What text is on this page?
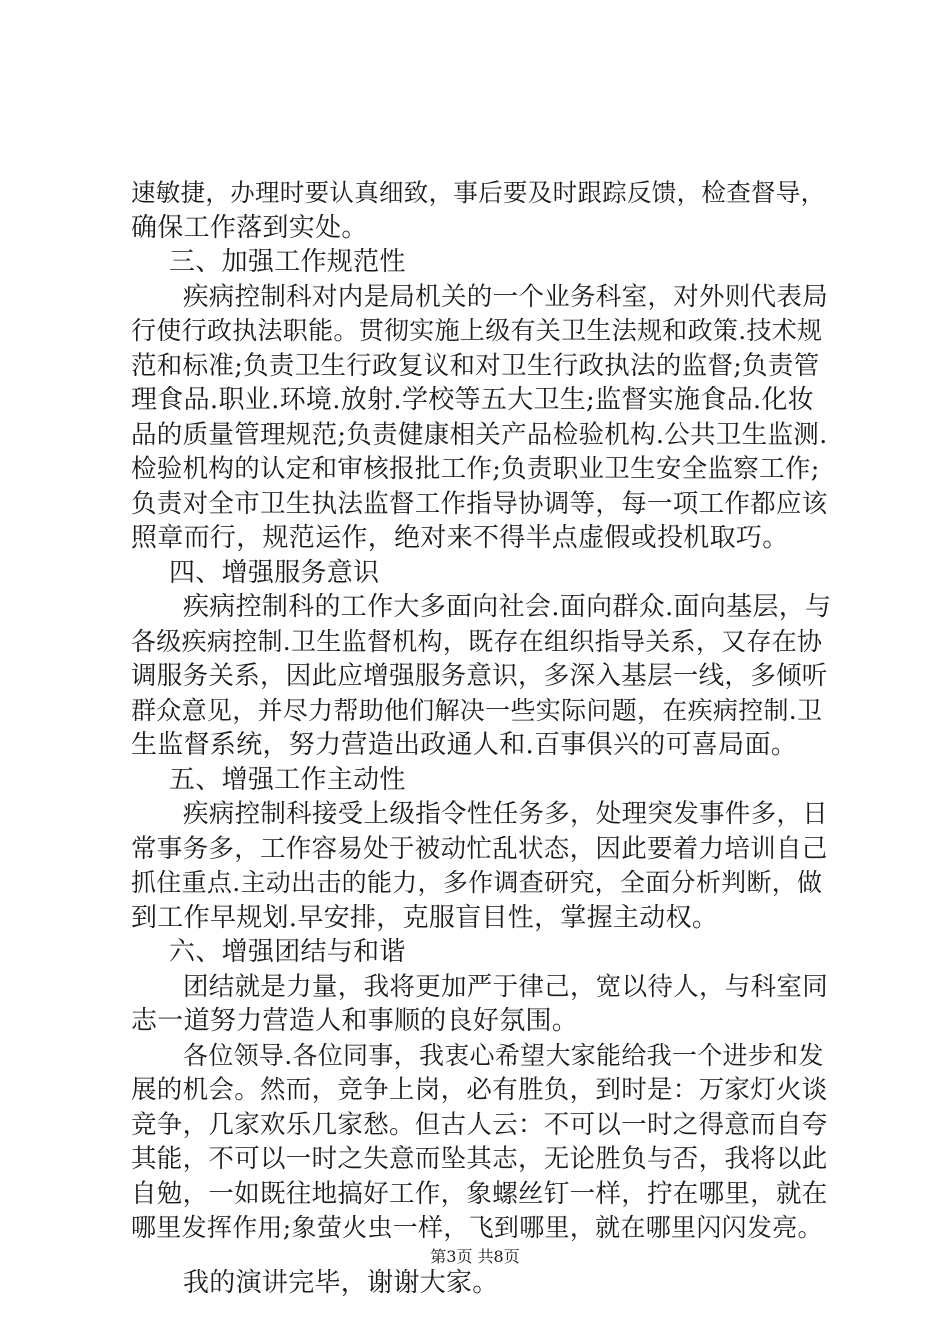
速敏捷，办理时要认真细致，事后要及时跟踪反馈，检查督导，
确保工作落到实处。
三、加强工作规范性
疾病控制科对内是局机关的一个业务科室，对外则代表局
行使行政执法职能。贯彻实施上级有关卫生法规和政策.技术规
范和标准;负责卫生行政复议和对卫生行政执法的监督;负责管
理食品.职业.环境.放射.学校等五大卫生;监督实施食品.化妆
品的质量管理规范;负责健康相关产品检验机构.公共卫生监测.
检验机构的认定和审核报批工作;负责职业卫生安全监察工作;
负责对全市卫生执法监督工作指导协调等，每一项工作都应该
照章而行，规范运作，绝对来不得半点虚假或投机取巧。
四、增强服务意识
疾病控制科的工作大多面向社会.面向群众.面向基层，与
各级疾病控制.卫生监督机构，既存在组织指导关系，又存在协
调服务关系，因此应增强服务意识，多深入基层一线，多倾听
群众意见，并尽力帮助他们解决一些实际问题，在疾病控制.卫
生监督系统，努力营造出政通人和.百事俱兴的可喜局面。
五、增强工作主动性
疾病控制科接受上级指令性任务多，处理突发事件多，日
常事务多，工作容易处于被动忙乱状态，因此要着力培训自己
抓住重点.主动出击的能力，多作调查研究，全面分析判断，做
到工作早规划.早安排，克服盲目性，掌握主动权。
六、增强团结与和谐
团结就是力量，我将更加严于律己，宽以待人，与科室同
志一道努力营造人和事顺的良好氛围。
各位领导.各位同事，我衷心希望大家能给我一个进步和发
展的机会。然而，竞争上岗，必有胜负，到时是：万家灯火谈
竞争，几家欢乐几家愁。但古人云：不可以一时之得意而自夸
其能，不可以一时之失意而坠其志，无论胜负与否，我将以此
自勉，一如既往地搞好工作，象螺丝钉一样，拧在哪里，就在
哪里发挥作用;象萤火虫一样，飞到哪里，就在哪里闪闪发亮。
我的演讲完毕，谢谢大家。
第3页 共8页
